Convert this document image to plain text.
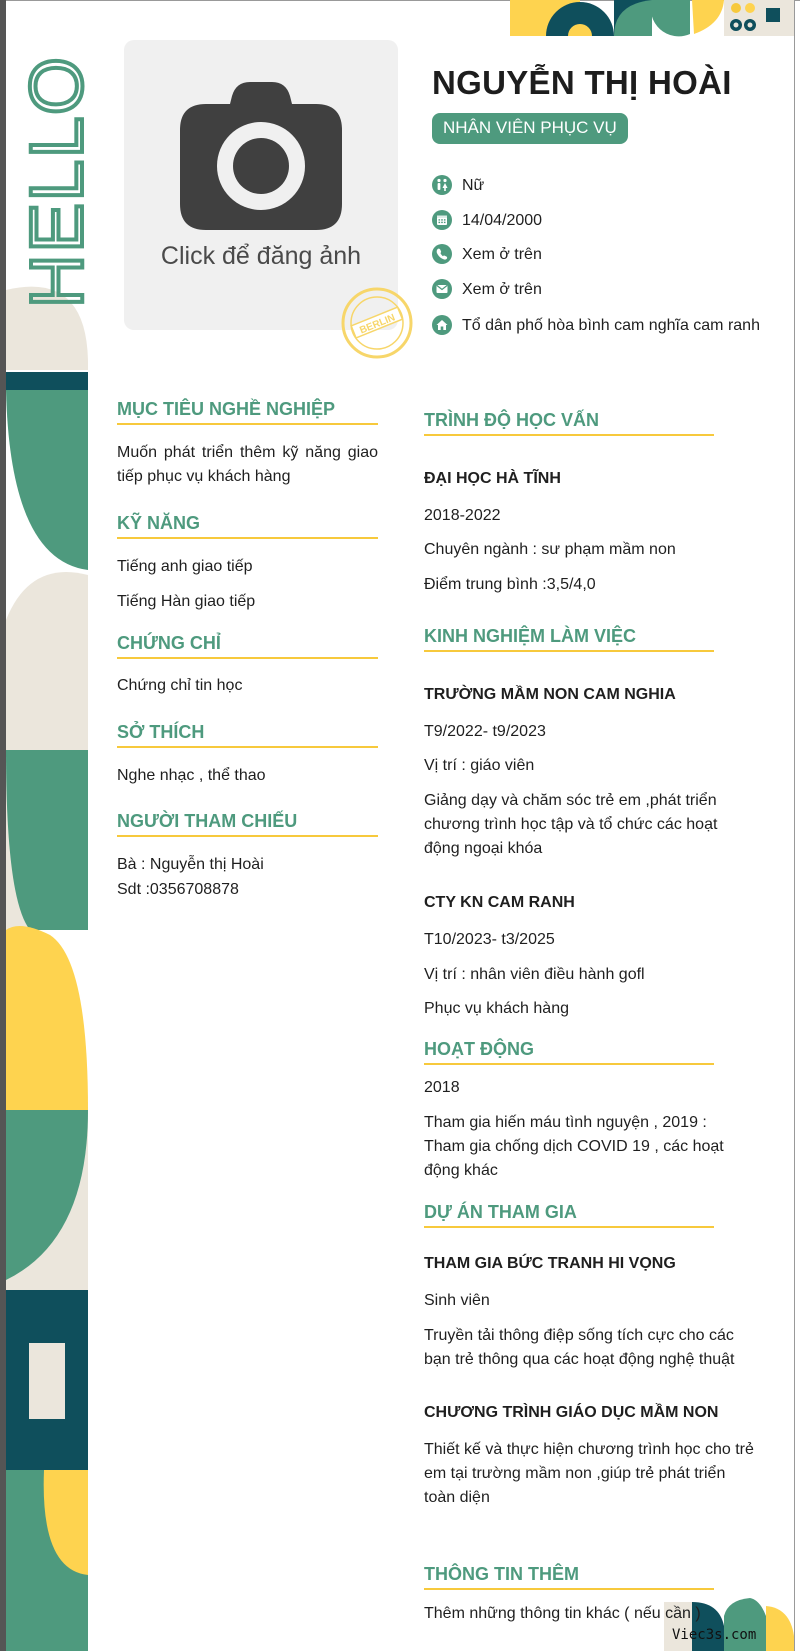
HELLO	Click để đăng ảnh
BERLIN
NGUYỄN THỊ HOÀI
NHÂN VIÊN PHỤC VỤ
Nữ
14/04/2000
Xem ở trên
Xem ở trên
Tổ dân phố hòa bình cam nghĩa cam ranh
MỤC TIÊU NGHỀ NGHIỆP
Muốn phát triển thêm kỹ năng giao tiếp phục vụ khách hàng
KỸ NĂNG
Tiếng anh giao tiếp
Tiếng Hàn giao tiếp
CHỨNG CHỈ
Chứng chỉ tin học
SỞ THÍCH
Nghe nhạc , thể thao
NGƯỜI THAM CHIẾU
Bà : Nguyễn thị Hoài
Sdt :0356708878
TRÌNH ĐỘ HỌC VẤN
ĐẠI HỌC HÀ TĨNH
2018-2022
Chuyên ngành : sư phạm mầm non
Điểm trung bình :3,5/4,0
KINH NGHIỆM LÀM VIỆC
TRƯỜNG MẦM NON CAM NGHIA
T9/2022- t9/2023
Vị trí : giáo viên
Giảng dạy và chăm sóc trẻ em ,phát triển chương trình học tập và tổ chức các hoạt động ngoại khóa
CTY KN CAM RANH
T10/2023- t3/2025
Vị trí : nhân viên điều hành gofl
Phục vụ khách hàng
HOẠT ĐỘNG
2018
Tham gia hiến máu tình nguyện , 2019 : Tham gia chống dịch COVID 19 , các hoạt động khác
DỰ ÁN THAM GIA
THAM GIA BỨC TRANH HI VỌNG
Sinh viên
Truyền tải thông điệp sống tích cực cho các bạn trẻ thông qua các hoạt động nghệ thuật
CHƯƠNG TRÌNH GIÁO DỤC MẦM NON
Thiết kế và thực hiện chương trình học cho trẻ em tại trường mầm non ,giúp trẻ phát triển toàn diện
THÔNG TIN THÊM
Thêm những thông tin khác ( nếu cần )
Viec3s.com
